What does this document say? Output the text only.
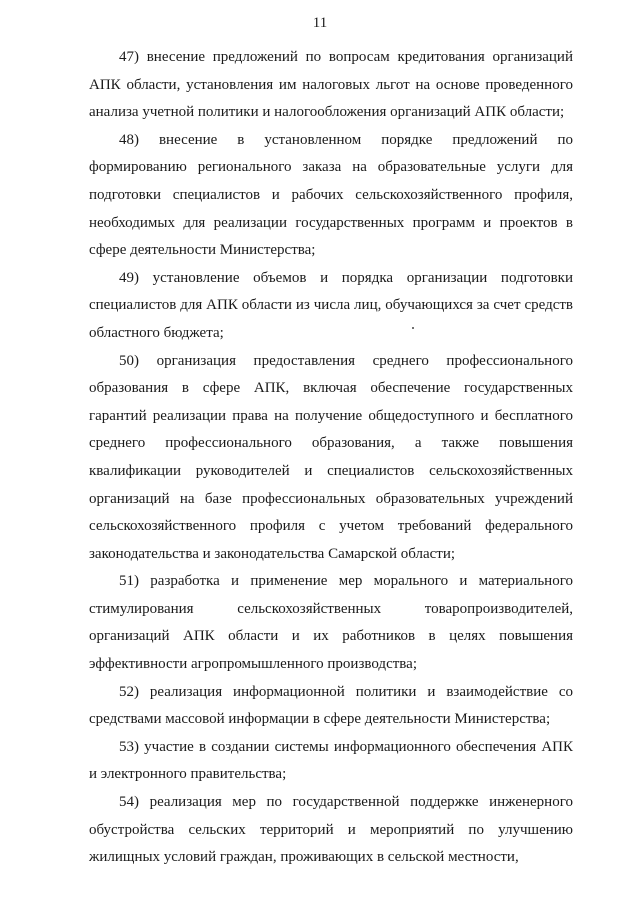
11

47) внесение предложений по вопросам кредитования организаций АПК области, установления им налоговых льгот на основе проведенного анализа учетной политики и налогообложения организаций АПК области;

48) внесение в установленном порядке предложений по формированию регионального заказа на образовательные услуги для подготовки специалистов и рабочих сельскохозяйственного профиля, необходимых для реализации государственных программ и проектов в сфере деятельности Министерства;

49) установление объемов и порядка организации подготовки специалистов для АПК области из числа лиц, обучающихся за счет средств областного бюджета;

50) организация предоставления среднего профессионального образования в сфере АПК, включая обеспечение государственных гарантий реализации права на получение общедоступного и бесплатного среднего профессионального образования, а также повышения квалификации руководителей и специалистов сельскохозяйственных организаций на базе профессиональных образовательных учреждений сельскохозяйственного профиля с учетом требований федерального законодательства и законодательства Самарской области;

51) разработка и применение мер морального и материального стимулирования сельскохозяйственных товаропроизводителей, организаций АПК области и их работников в целях повышения эффективности агропромышленного производства;

52) реализация информационной политики и взаимодействие со средствами массовой информации в сфере деятельности Министерства;

53) участие в создании системы информационного обеспечения АПК и электронного правительства;

54) реализация мер по государственной поддержке инженерного обустройства сельских территорий и мероприятий по улучшению жилищных условий граждан, проживающих в сельской местности,
